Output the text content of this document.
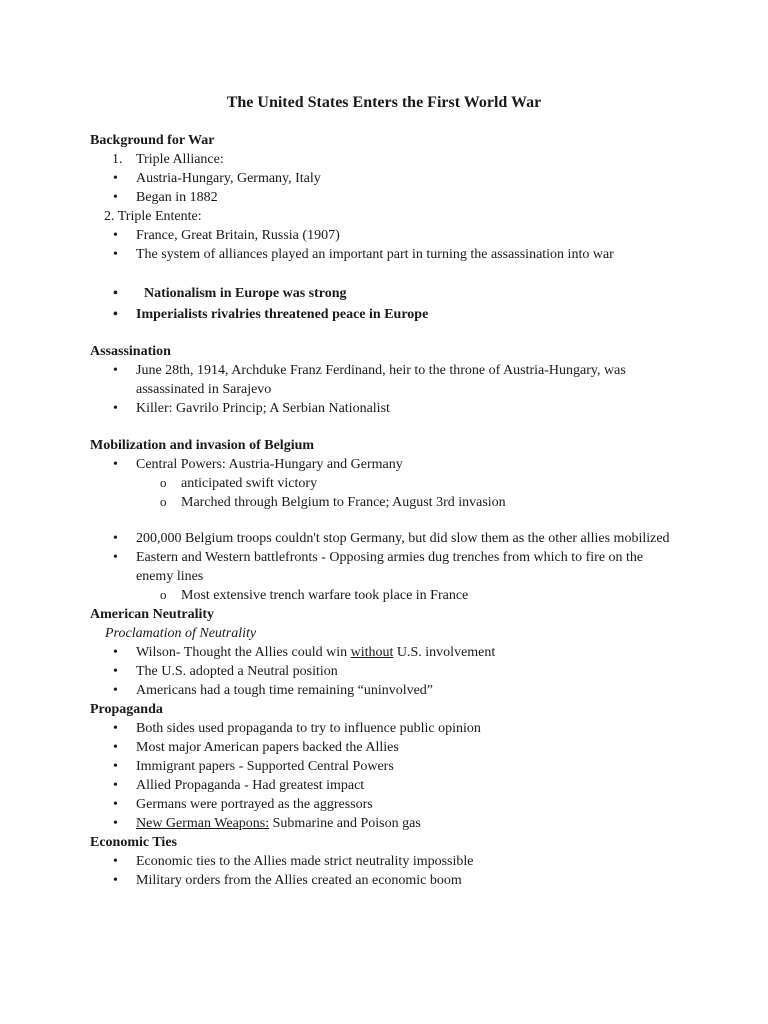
The United States Enters the First World War
Background for War
1. Triple Alliance:
• Austria-Hungary, Germany, Italy
• Began in 1882
2. Triple Entente:
• France, Great Britain, Russia (1907)
• The system of alliances played an important part in turning the assassination into war
• Nationalism in Europe was strong
• Imperialists rivalries threatened peace in Europe
Assassination
• June 28th, 1914, Archduke Franz Ferdinand, heir to the throne of Austria-Hungary, was assassinated in Sarajevo
• Killer: Gavrilo Princip; A Serbian Nationalist
Mobilization and invasion of Belgium
• Central Powers: Austria-Hungary and Germany
o anticipated swift victory
o Marched through Belgium to France; August 3rd invasion
• 200,000 Belgium troops couldn't stop Germany, but did slow them as the other allies mobilized
• Eastern and Western battlefronts - Opposing armies dug trenches from which to fire on the enemy lines
o Most extensive trench warfare took place in France
American Neutrality
Proclamation of Neutrality
• Wilson- Thought the Allies could win without U.S. involvement
• The U.S. adopted a Neutral position
• Americans had a tough time remaining “uninvolved”
Propaganda
• Both sides used propaganda to try to influence public opinion
• Most major American papers backed the Allies
• Immigrant papers - Supported Central Powers
• Allied Propaganda - Had greatest impact
• Germans were portrayed as the aggressors
• New German Weapons: Submarine and Poison gas
Economic Ties
• Economic ties to the Allies made strict neutrality impossible
• Military orders from the Allies created an economic boom
